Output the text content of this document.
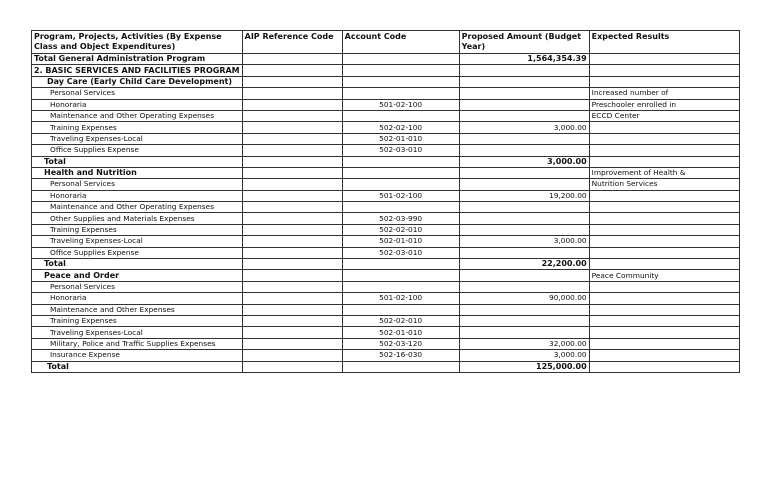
Program, Projects, Activities (By Expense Class and Object Expenditures)	AIP Reference Code	Account Code	Proposed Amount (Budget Year)	Expected Results
Total General Administration Program			1,564,354.39	
2. BASIC SERVICES AND FACILITIES PROGRAM				
Day Care (Early Child Care Development)				
Personal Services				Increased number of
Honoraria		501-02-100		Preschooler enrolled in
Maintenance and Other Operating Expenses				ECCD Center
Training Expenses		502-02-100	3,000.00	
Traveling Expenses-Local		502-01-010		
Office Supplies Expense		502-03-010		
Total			3,000.00	
Health and Nutrition				Improvement of Health &
Personal Services				Nutrition Services
Honoraria		501-02-100	19,200.00	
Maintenance and Other Operating Expenses				
Other Supplies and Materials Expenses		502-03-990		
Training Expenses		502-02-010		
Traveling Expenses-Local		502-01-010	3,000.00	
Office Supplies Expense		502-03-010		
Total			22,200.00	
Peace and Order				Peace Community
Personal Services				
Honoraria		501-02-100	90,000.00	
Maintenance and Other Expenses				
Training Expenses		502-02-010		
Traveling Expenses-Local		502-01-010		
Military, Police and Traffic Supplies Expenses		502-03-120	32,000.00	
Insurance Expense		502-16-030	3,000.00	
Total			125,000.00	
